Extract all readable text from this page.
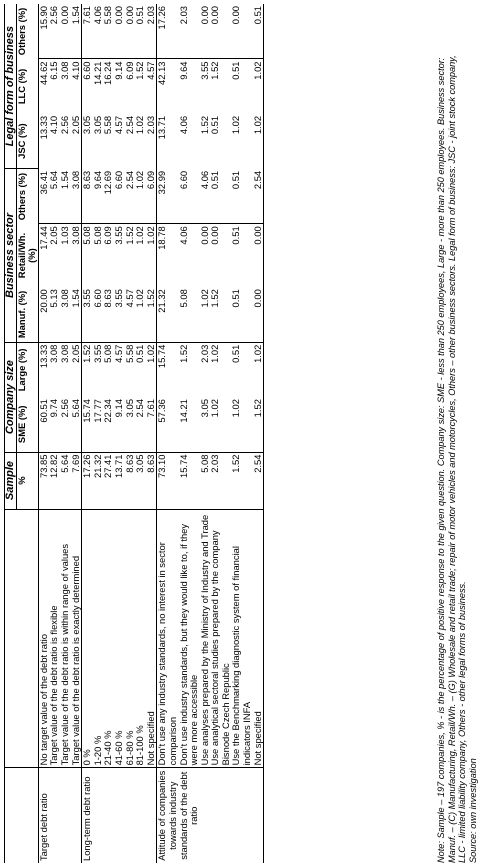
		Sample	Company size		Business sector			Legal form of business		
		%	SME (%)	Large (%)	Manuf. (%)	Retail/Wh. (%)	Others (%)	JSC (%)	LLC (%)	Others (%)
Target debt ratio	No target value of the debt ratio	73.85	60.51	13.33	20.00	17.44	36.41	13.33	44.62	15.90
	Target value of the debt ratio is flexible	12.82	9.74	3.08	5.13	2.05	5.64	4.10	6.15	2.56
	Target value of the debt ratio is within range of values	5.64	2.56	3.08	3.08	1.03	1.54	2.56	3.08	0.00
	Target value of the debt ratio is exactly determined	7.69	5.64	2.05	1.54	3.08	3.08	2.05	4.10	1.54
Long-term debt ratio	0 %	17.26	15.74	1.52	3.55	5.08	8.63	3.05	6.60	7.61
	1-20 %	21.32	17.77	3.55	6.60	5.08	9.64	3.05	14.21	4.06
	21-40 %	27.41	22.34	5.08	8.63	6.09	12.69	5.58	16.24	5.58
	41-60 %	13.71	9.14	4.57	3.55	3.55	6.60	4.57	9.14	0.00
	61-80 %	8.63	3.05	5.58	4.57	1.52	2.54	2.54	6.09	0.00
	81-100 %	3.05	2.54	0.51	1.02	1.02	1.02	1.02	1.52	0.51
	Not specified	8.63	7.61	1.02	1.52	1.02	6.09	2.03	4.57	2.03
Attitude of companies towards industry standards of the debt ratio	Don't use any industry standards, no interest in sector comparison	73.10	57.36	15.74	21.32	18.78	32.99	13.71	42.13	17.26
	Don't use industry standards, but they would like to, if they were more accessible	15.74	14.21	1.52	5.08	4.06	6.60	4.06	9.64	2.03
	Use analyses prepared by the Ministry of Industry and Trade	5.08	3.05	2.03	1.02	0.00	4.06	1.52	3.55	0.00
	Use analytical sectoral studies prepared by the company Bisnode Czech Republic	2.03	1.02	1.02	1.52	0.00	0.51	0.51	1.52	0.00
	Use the Benchmarking diagnostic system of financial indicators INFA	1.52	1.02	0.51	0.51	0.51	0.51	1.02	0.51	0.00
	Not specified	2.54	1.52	1.02	0.00	0.00	2.54	1.02	1.02	0.51
Note: Sample – 197 companies, % - is the percentage of positive response to the given question. Company size: SME - less than 250 employees, Large - more than 250 employees. Business sector: Manuf. – (C) Manufacturing, Retail/Wh. – (G) Wholesale and retail trade; repair of motor vehicles and motorcycles, Others – other business sectors. Legal form of business: JSC - joint stock company, LLC - limited liability company, Others - other legal forms of business. Source: own investigation
